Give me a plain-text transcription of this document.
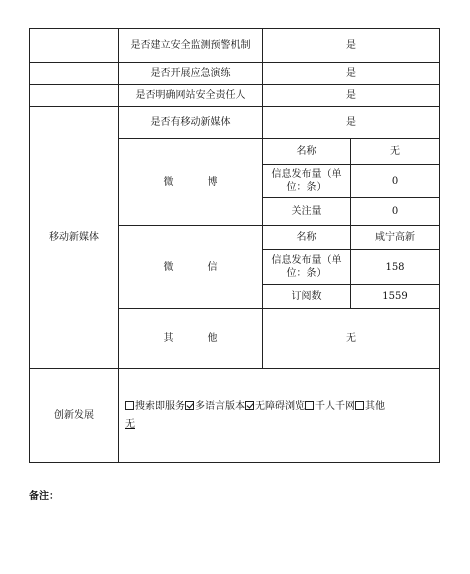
	是否建立安全监测预警机制	是	
	是否开展应急演练	是	
	是否明确网站安全责任人	是	
移动新媒体	是否有移动新媒体	是	
	微　博	名称	无
		信息发布量（单位：条）	0
		关注量	0
	微　信	名称	咸宁高新
		信息发布量（单位：条）	158
		订阅数	1559
	其　他	无	
创新发展	搜索即服务 多语言版本 无障碍浏览 千人千网 其他
无		
备注：
